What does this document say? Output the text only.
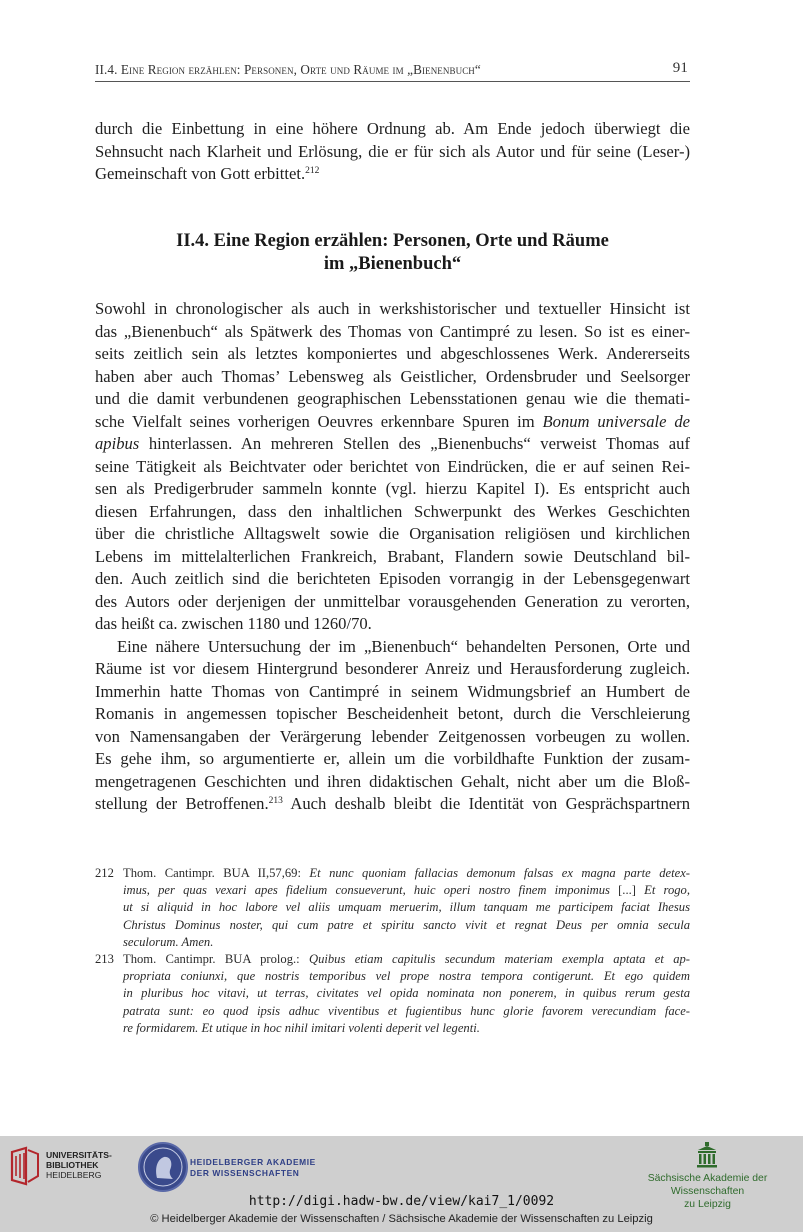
II.4. Eine Region erzählen: Personen, Orte und Räume im „Bienenbuch“	91
durch die Einbettung in eine höhere Ordnung ab. Am Ende jedoch überwiegt die
Sehnsucht nach Klarheit und Erlösung, die er für sich als Autor und für seine (Leser-)
Gemeinschaft von Gott erbittet.$^{212}$
II.4. Eine Region erzählen: Personen, Orte und Räume
im „Bienenbuch“
Sowohl in chronologischer als auch in werkshistorischer und textueller Hinsicht ist
das „Bienenbuch“ als Spätwerk des Thomas von Cantimpré zu lesen. So ist es einer-
seits zeitlich sein als letztes komponiertes und abgeschlossenes Werk. Andererseits
haben aber auch Thomas’ Lebensweg als Geistlicher, Ordensbruder und Seelsorger
und die damit verbundenen geographischen Lebensstationen genau wie die themati-
sche Vielfalt seines vorherigen Oeuvres erkennbare Spuren im Bonum universale de
apibus hinterlassen. An mehreren Stellen des „Bienenbuchs“ verweist Thomas auf
seine Tätigkeit als Beichtvater oder berichtet von Eindrücken, die er auf seinen Rei-
sen als Predigerbruder sammeln konnte (vgl. hierzu Kapitel I). Es entspricht auch
diesen Erfahrungen, dass den inhaltlichen Schwerpunkt des Werkes Geschichten
über die christliche Alltagswelt sowie die Organisation religiösen und kirchlichen
Lebens im mittelalterlichen Frankreich, Brabant, Flandern sowie Deutschland bil-
den. Auch zeitlich sind die berichteten Episoden vorrangig in der Lebensgegenwart
des Autors oder derjenigen der unmittelbar vorausgehenden Generation zu verorten,
das heißt ca. zwischen 1180 und 1260/70.
Eine nähere Untersuchung der im „Bienenbuch“ behandelten Personen, Orte und
Räume ist vor diesem Hintergrund besonderer Anreiz und Herausforderung zugleich.
Immerhin hatte Thomas von Cantimpré in seinem Widmungsbrief an Humbert de
Romanis in angemessen topischer Bescheidenheit betont, durch die Verschleierung
von Namensangaben der Verärgerung lebender Zeitgenossen vorbeugen zu wollen.
Es gehe ihm, so argumentierte er, allein um die vorbildhafte Funktion der zusam-
mengetragenen Geschichten und ihren didaktischen Gehalt, nicht aber um die Bloß-
stellung der Betroffenen.$^{213}$ Auch deshalb bleibt die Identität von Gesprächspartnern
212 Thom. Cantimpr. BUA II,57,69: Et nunc quoniam fallacias demonum falsas ex magna parte detex-
imus, per quas vexari apes fidelium consueverunt, huic operi nostro finem imponimus [...] Et rogo,
ut si aliquid in hoc labore vel aliis umquam meruerim, illum tanquam me participem faciat Ihesus
Christus Dominus noster, qui cum patre et spiritu sancto vivit et regnat Deus per omnia secula
seculorum. Amen.
213 Thom. Cantimpr. BUA prolog.: Quibus etiam capitulis secundum materiam exempla aptata et ap-
propriata coniunxi, que nostris temporibus vel prope nostra tempora contigerunt. Et ego quidem
in pluribus hoc vitavi, ut terras, civitates vel opida nominata non ponerem, in quibus rerum gesta
patrata sunt: eo quod ipsis adhuc viventibus et fugientibus hunc glorie favorem verecundiam face-
re formidarem. Et utique in hoc nihil imitari volenti deperit vel legenti.
UNIVERSITÄTS-
BIBLIOTHEK
HEIDELBERG
HEIDELBERGER AKADEMIE
DER WISSENSCHAFTEN	Sächsische Akademie der Wissenschaften
zu Leipzig
http://digi.hadw-bw.de/view/kai7_1/0092
© Heidelberger Akademie der Wissenschaften / Sächsische Akademie der Wissenschaften zu Leipzig
